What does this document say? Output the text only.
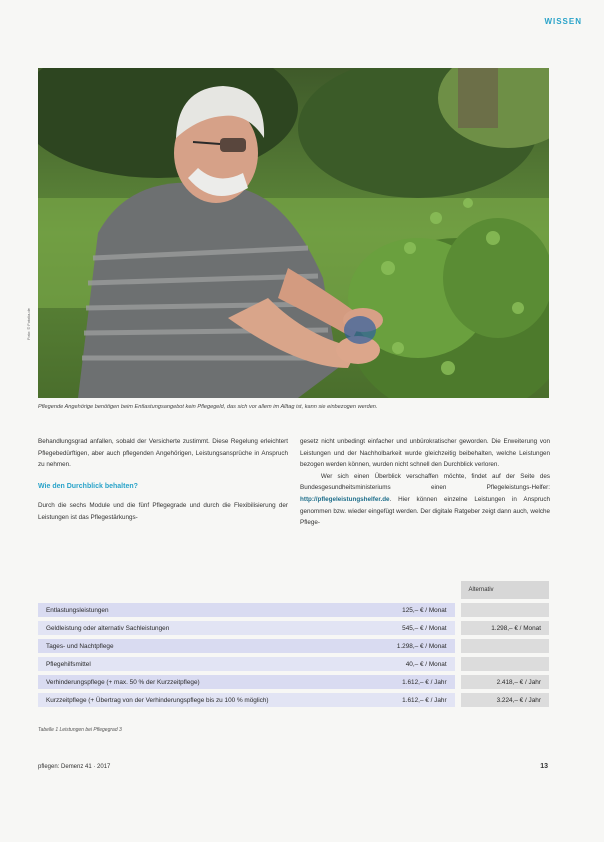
WISSEN
Foto: © Fotolia.de
Pflegende Angehörige benötigen beim Entlastungsangebot kein Pflegegeld, das sich vor allem im Alltag ist, kann sie einbezogen werden.

Behandlungsgrad anfallen, sobald der Versicherte zustimmt. Diese Regelung erleichtert Pflegebedürftigen, aber auch pflegenden Angehörigen, Leistungsansprüche in Anspruch zu nehmen.

Wie den Durchblick behalten?

Durch die sechs Module und die fünf Pflegegrade und durch die Flexibilisierung der Leistungen ist das Pflegestärkungs-

gesetz nicht unbedingt einfacher und unbürokratischer geworden. Die Erweiterung von Leistungen und der Nachholbarkeit wurde gleichzeitig beibehalten, welche Leistungen bezogen werden können, wurden nicht schnell den Durchblick verloren.

Wer sich einen Überblick verschaffen möchte, findet auf der Seite des Bundesgesundheitsministeriums einen Pflegeleistungs-Helfer: http://pflegeleistungshelfer.de. Hier können einzelne Leistungen in Anspruch genommen bzw. wieder eingefügt werden. Der digitale Ratgeber zeigt dann auch, welche Pflege-

			Alternativ
Entlastungsleistungen	125,– € / Monat		
Geldleistung oder alternativ Sachleistungen	545,– € / Monat		1.298,– € / Monat
Tages- und Nachtpflege	1.298,– € / Monat		
Pflegehilfsmittel	40,– € / Monat		
Verhinderungspflege (+ max. 50 % der Kurzzeitpflege)	1.612,– € / Jahr		2.418,– € / Jahr
Kurzzeitpflege (+ Übertrag von der Verhinderungspflege bis zu 100 % möglich)	1.612,– € / Jahr		3.224,– € / Jahr
Tabelle 1 Leistungen bei Pflegegrad 3
pflegen: Demenz 41 · 2017	13
